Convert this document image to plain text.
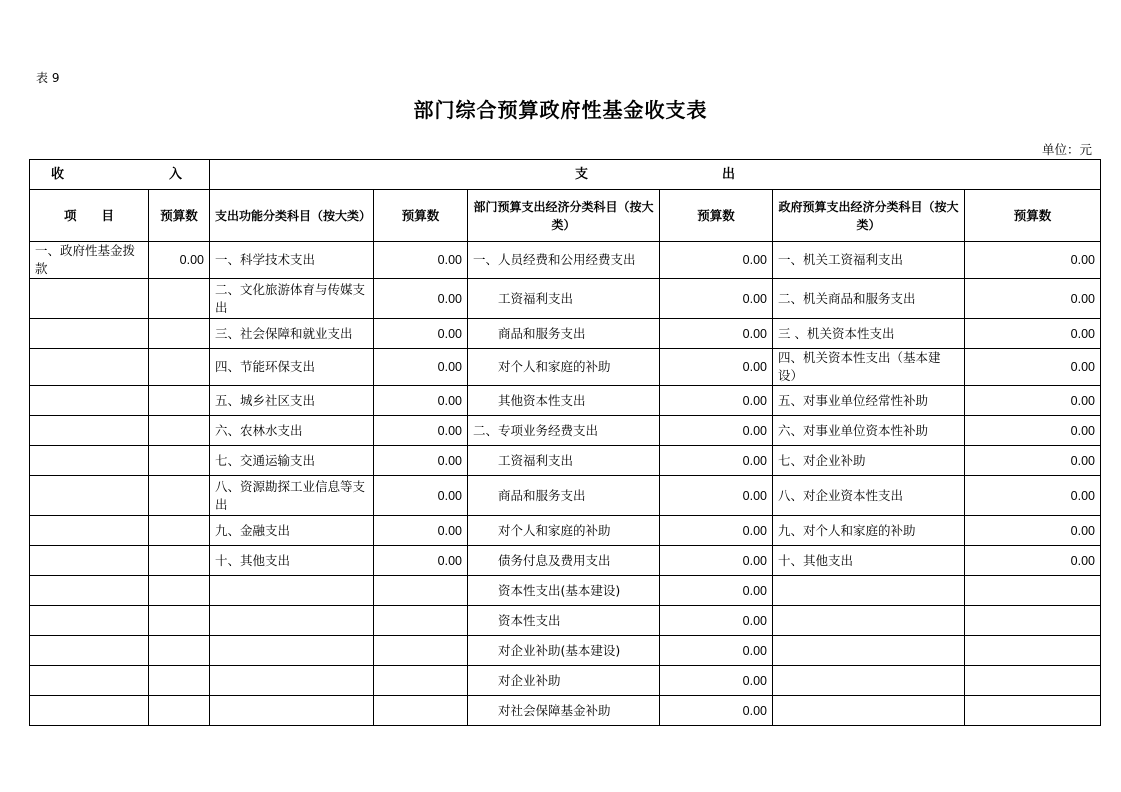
表 9
部门综合预算政府性基金收支表
单位：元
收 入		支 出					

项　　目	预算数	支出功能分类科目（按大类）	预算数	部门预算支出经济分类科目（按大类）	预算数	政府预算支出经济分类科目（按大类）	预算数
一、政府性基金拨款	0.00	一、科学技术支出	0.00	一、人员经费和公用经费支出	0.00	一、机关工资福利支出	0.00
		二、文化旅游体育与传媒支出	0.00	工资福利支出	0.00	二、机关商品和服务支出	0.00
		三、社会保障和就业支出	0.00	商品和服务支出	0.00	三 、机关资本性支出	0.00
		四、节能环保支出	0.00	对个人和家庭的补助	0.00	四、机关资本性支出（基本建设）	0.00
		五、城乡社区支出	0.00	其他资本性支出	0.00	五、对事业单位经常性补助	0.00
		六、农林水支出	0.00	二、专项业务经费支出	0.00	六、对事业单位资本性补助	0.00
		七、交通运输支出	0.00	工资福利支出	0.00	七、对企业补助	0.00
		八、资源勘探工业信息等支出	0.00	商品和服务支出	0.00	八、对企业资本性支出	0.00
		九、金融支出	0.00	对个人和家庭的补助	0.00	九、对个人和家庭的补助	0.00
		十、其他支出	0.00	债务付息及费用支出	0.00	十、其他支出	0.00
				资本性支出(基本建设)	0.00		
				资本性支出	0.00		
				对企业补助(基本建设)	0.00		
				对企业补助	0.00		
				对社会保障基金补助	0.00		
